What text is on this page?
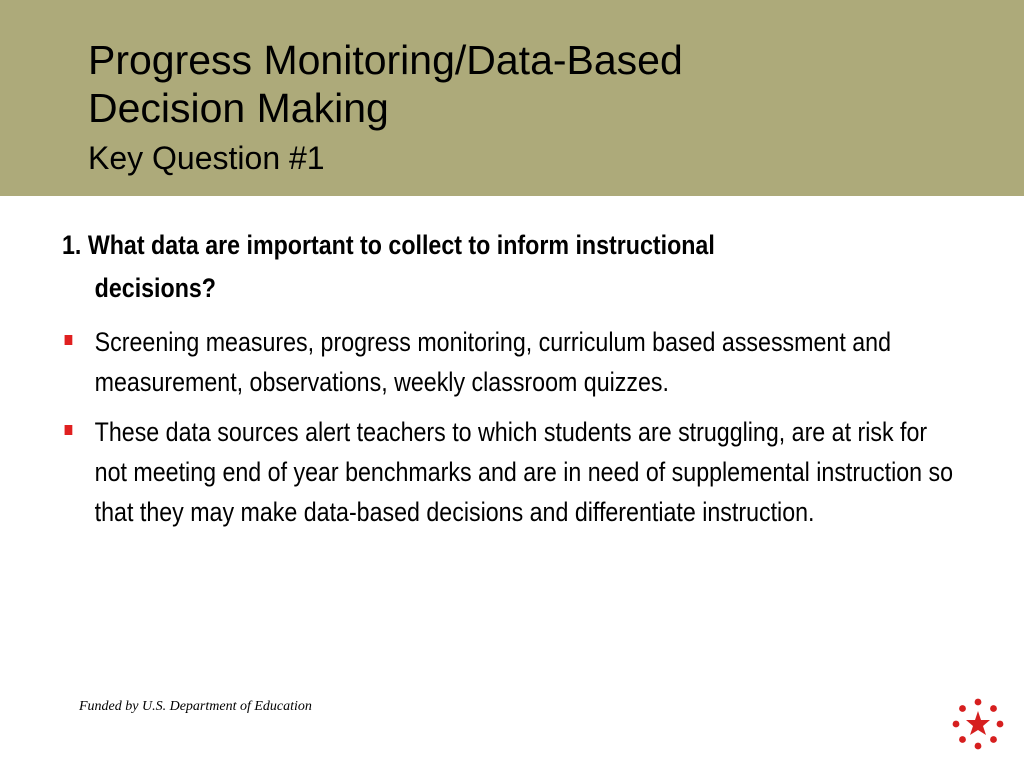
Progress Monitoring/Data-Based
Decision Making
Key Question #1

1. What data are important to collect to inform instructional decisions?

Screening measures, progress monitoring, curriculum based assessment and measurement, observations, weekly classroom quizzes.
These data sources alert teachers to which students are struggling, are at risk for not meeting end of year benchmarks and are in need of supplemental instruction so that they may make data-based decisions and differentiate instruction.

Funded by U.S. Department of Education
